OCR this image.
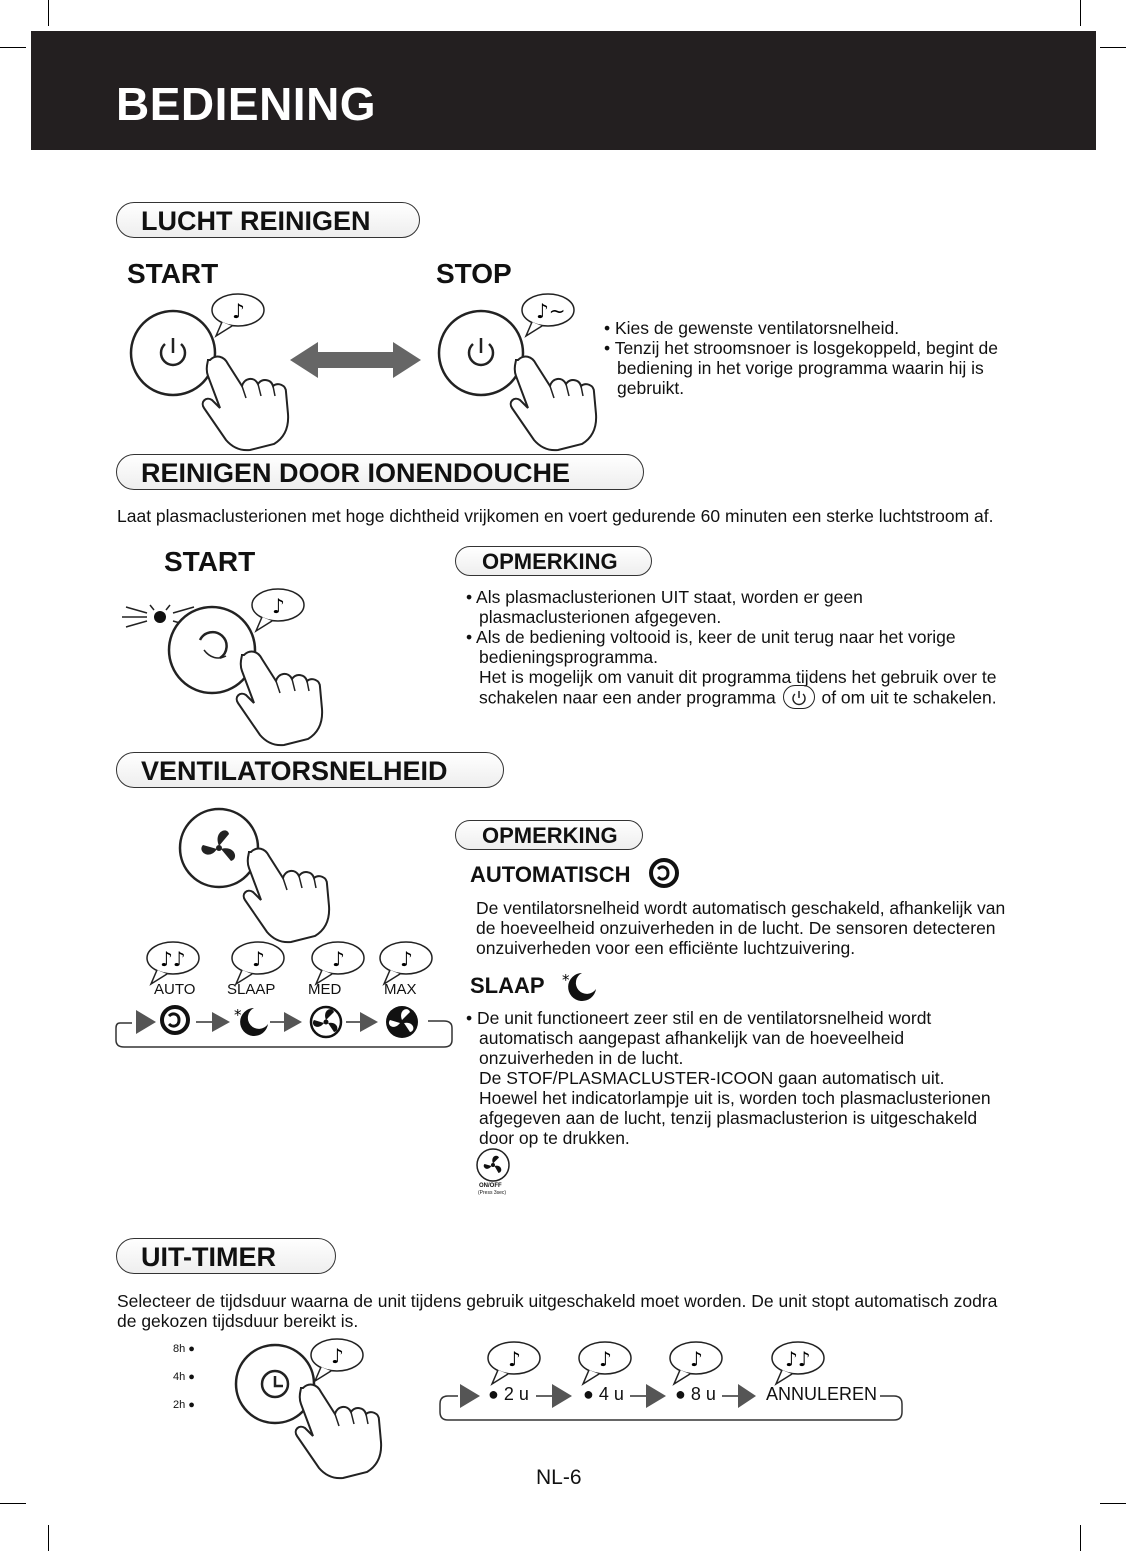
BEDIENING
LUCHT REINIGEN
START	STOP
♪	♪~

• Kies de gewenste ventilatorsnelheid.

• Tenzij het stroomsnoer is losgekoppeld, begint de bediening in het vorige programma waarin hij is gebruikt.

REINIGEN DOOR IONENDOUCHE
Laat plasmaclusterionen met hoge dichtheid vrijkomen en voert gedurende 60 minuten een sterke luchtstroom af.
START
♪
OPMERKING

• Als plasmaclusterionen UIT staat, worden er geen plasmaclusterionen afgegeven.

• Als de bediening voltooid is, keer de unit terug naar het vorige bedieningsprogramma.

Het is mogelijk om vanuit dit programma tijdens het gebruik over te schakelen naar een ander programma	of om uit te schakelen.

VENTILATORSNELHEID
♪♪	♪	♪	♪
*
AUTO SLAAP MED	MAX
ON/OFF
(Press 3sec)
OPMERKING
AUTOMATISCH
*
De ventilatorsnelheid wordt automatisch geschakeld, afhankelijk van de hoeveelheid onzuiverheden in de lucht. De sensoren detecteren onzuiverheden voor een efficiënte luchtzuivering.
SLAAP

• De unit functioneert zeer stil en de ventilatorsnelheid wordt automatisch aangepast afhankelijk van de hoeveelheid onzuiverheden in de lucht.

De STOF/PLASMACLUSTER-ICOON gaan automatisch uit.

Hoewel het indicatorlampje uit is, worden toch plasmaclusterionen afgegeven aan de lucht, tenzij plasmaclusterion is uitgeschakeld door op te drukken.

UIT-TIMER
Selecteer de tijdsduur waarna de unit tijdens gebruik uitgeschakeld moet worden. De unit stopt automatisch zodra de gekozen tijdsduur bereikt is.
8h ●
4h ●
2h ●
♪	♪	♪	♪	♪♪
● 2 u	● 4 u	● 8 u	ANNULEREN
NL-6
